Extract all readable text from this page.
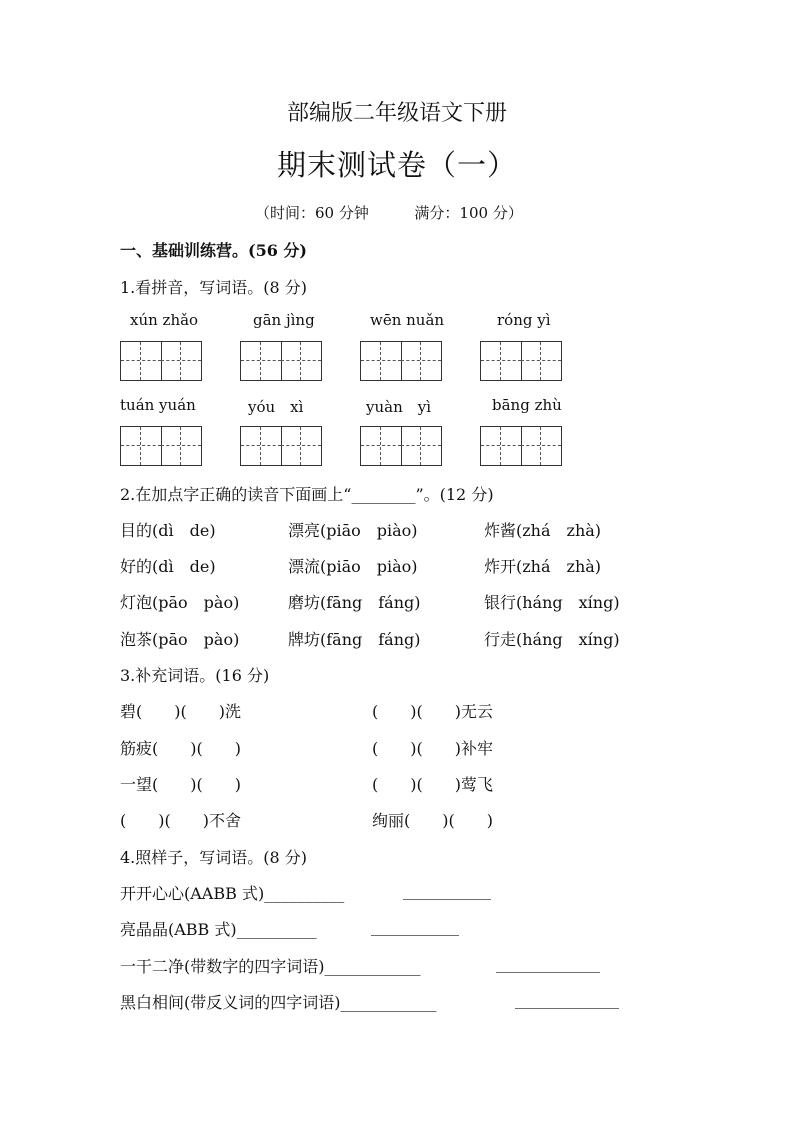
部编版二年级语文下册
期末测试卷（一）
（时间：60 分钟	满分：100 分）
一、基础训练营。(56 分)
1.看拼音，写词语。(8 分)
xún zhǎo	gān jìng	wēn nuǎn	róng yì
tuán yuán	yóu　xì	yuàn　yì	bāng zhù
2.在加点字正确的读音下面画上“________”。(12 分)
目的(dì　de)	漂亮(piāo　piào)	炸酱(zhá　zhà)
好的(dì　de)	漂流(piāo　piào)	炸开(zhá　zhà)
灯泡(pāo　pào)	磨坊(fāng　fáng)	银行(háng　xíng)
泡茶(pāo　pào)	牌坊(fāng　fáng)	行走(háng　xíng)
3.补充词语。(16 分)
碧(　　)(　　)洗	(　　)(　　)无云
筋疲(　　)(　　)	(　　)(　　)补牢
一望(　　)(　　)	(　　)(　　)莺飞
(　　)(　　)不舍	绚丽(　　)(　　)
4.照样子，写词语。(8 分)
开开心心(AABB 式)__________	___________
亮晶晶(ABB 式)__________	___________
一干二净(带数字的四字词语)____________	_____________
黑白相间(带反义词的四字词语)____________	_____________
